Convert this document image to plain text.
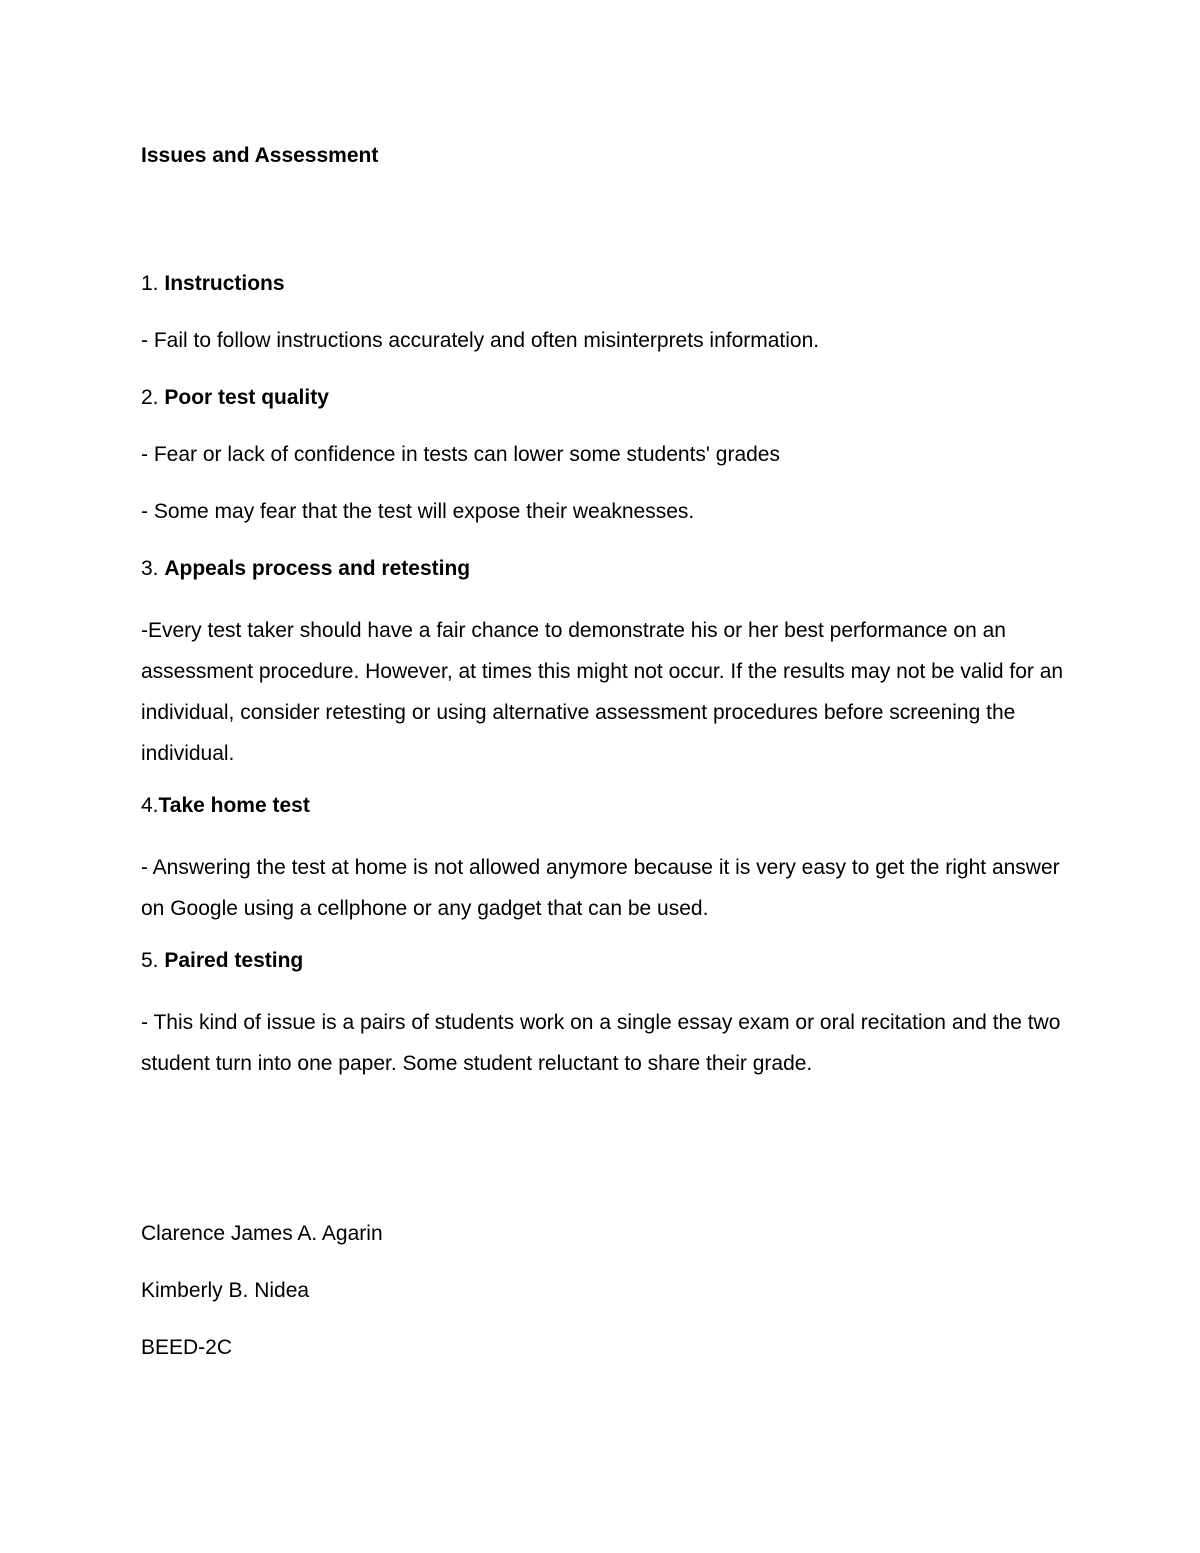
Issues and Assessment

1. Instructions

- Fail to follow instructions accurately and often misinterprets information.

2. Poor test quality

- Fear or lack of confidence in tests can lower some students' grades

- Some may fear that the test will expose their weaknesses.

3. Appeals process and retesting

-Every test taker should have a fair chance to demonstrate his or her best performance on an assessment procedure. However, at times this might not occur. If the results may not be valid for an individual, consider retesting or using alternative assessment procedures before screening the individual.

4.Take home test

- Answering the test at home is not allowed anymore because it is very easy to get the right answer on Google using a cellphone or any gadget that can be used.

5. Paired testing

- This kind of issue is a pairs of students work on a single essay exam or oral recitation and the two student turn into one paper. Some student reluctant to share their grade.

Clarence James A. Agarin

Kimberly B. Nidea

BEED-2C
